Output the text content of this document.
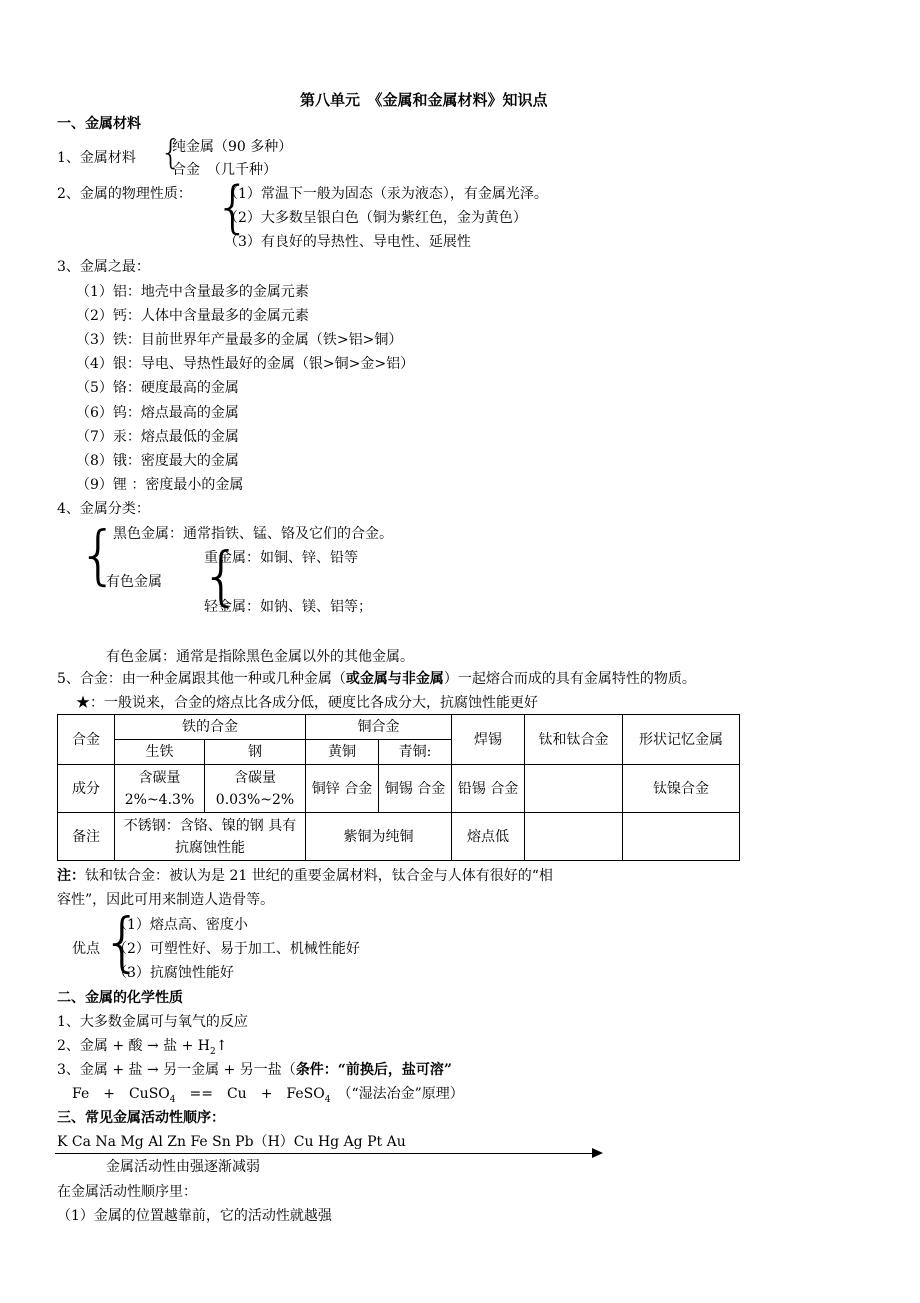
第八单元　《金属和金属材料》知识点
一、金属材料
1、金属材料 {
纯金属（90 多种）
合金　（几千种）
2、金属的物理性质： {
（1）常温下一般为固态（汞为液态），有金属光泽。
（2）大多数呈银白色（铜为紫红色，金为黄色）
（3）有良好的导热性、导电性、延展性
3、金属之最：
（1）铝：地壳中含量最多的金属元素
（2）钙：人体中含量最多的金属元素
（3）铁：目前世界年产量最多的金属（铁>铝>铜）
（4）银：导电、导热性最好的金属（银>铜>金>铝）
（5）铬：硬度最高的金属
（6）钨：熔点最高的金属
（7）汞：熔点最低的金属
（8）锇：密度最大的金属
（9）锂 ：密度最小的金属
4、金属分类：
{
黑色金属：通常指铁、锰、铬及它们的合金。
重金属：如铜、锌、铅等
{
有色金属
轻金属：如钠、镁、铝等；
有色金属：通常是指除黑色金属以外的其他金属。
5、合金：由一种金属跟其他一种或几种金属（或金属与非金属）一起熔合而成的具有金属特性的物质。
★：一般说来，合金的熔点比各成分低，硬度比各成分大，抗腐蚀性能更好
合金	铁的合金		铜合金		焊锡	钛和钛合金	形状记忆金属
	生铁	钢	黄铜	青铜:			
成分	含碳量 2%~4.3%	含碳量 0.03%~2%	铜锌 合金	铜锡 合金	铅锡 合金		钛镍合金
备注	不锈钢：含铬、镍的钢 具有抗腐蚀性能		紫铜为纯铜		熔点低		
注：钛和钛合金：被认为是 21 世纪的重要金属材料，钛合金与人体有很好的“相
容性”，因此可用来制造人造骨等。
优点 {
（1）熔点高、密度小
（2）可塑性好、易于加工、机械性能好
（3）抗腐蚀性能好
二、金属的化学性质
1、大多数金属可与氧气的反应
2、金属 + 酸 → 盐 + $H_2↑$
3、金属 + 盐 → 另一金属 + 另一盐（条件：“前换后，盐可溶”
Fe　+　CuSO$_4$　==　Cu　+　FeSO$_4$　（“湿法冶金”原理）
三、常见金属活动性顺序：
K Ca Na Mg Al Zn Fe Sn Pb（H）Cu Hg Ag Pt Au
金属活动性由强逐渐减弱
在金属活动性顺序里：
（1）金属的位置越靠前，它的活动性就越强
